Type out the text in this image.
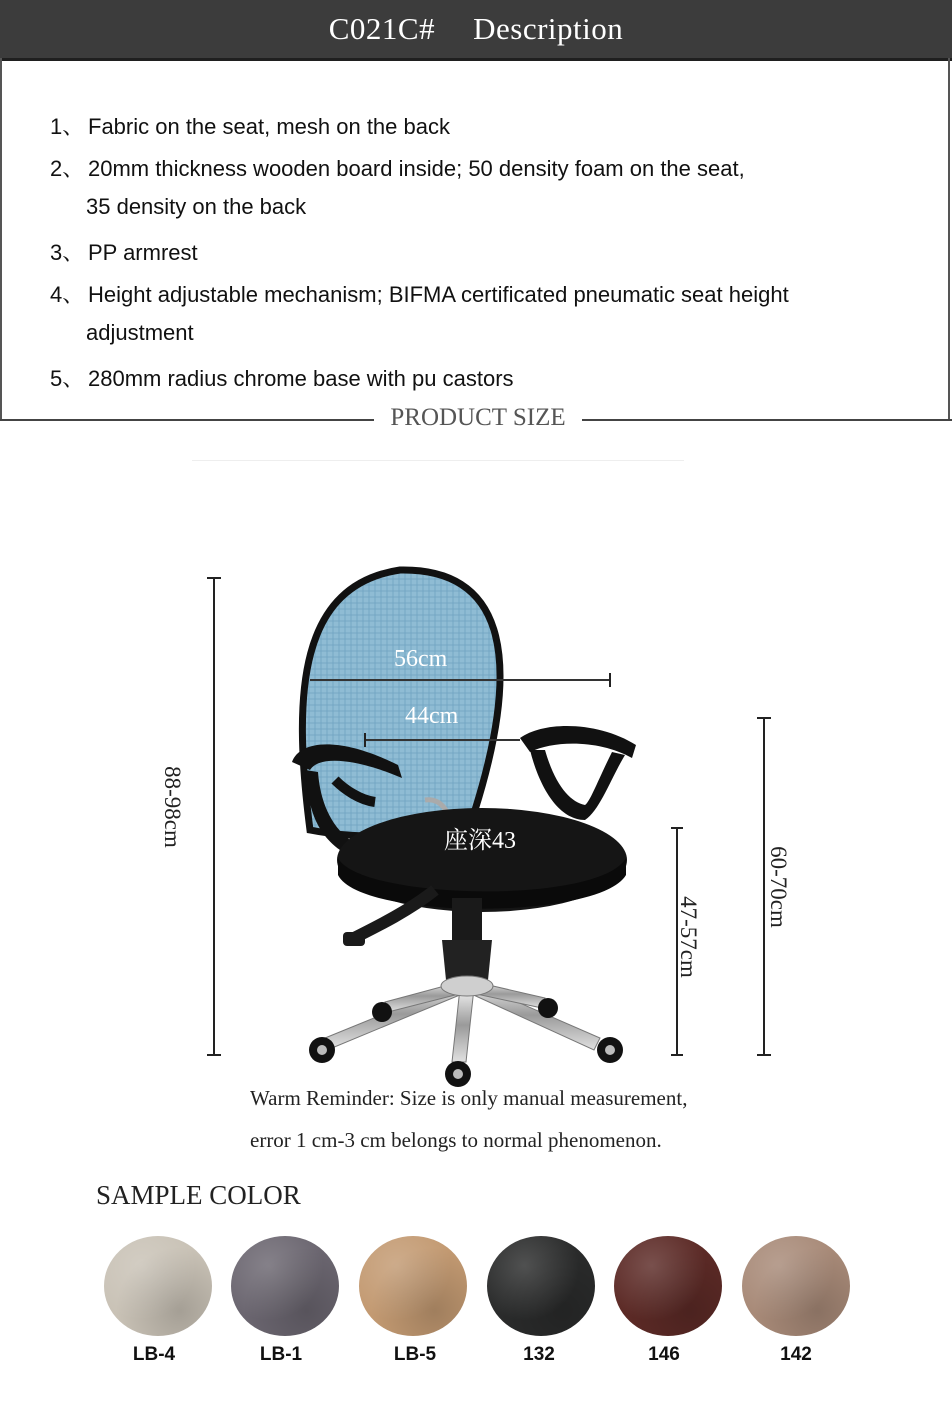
C021C# Description
1、 Fabric on the seat, mesh on the back
2、 20mm thickness wooden board inside; 50 density foam on the seat,
35 density on the back
3、 PP armrest
4、 Height adjustable mechanism; BIFMA certificated pneumatic seat height
adjustment
5、 280mm radius chrome base with pu castors
PRODUCT SIZE
56cm
44cm
座深43
88-98cm
47-57cm
60-70cm
Warm Reminder: Size is only manual measurement,
error 1 cm-3 cm belongs to normal phenomenon.
SAMPLE COLOR
LB-4	LB-1	LB-5	132	146	142
